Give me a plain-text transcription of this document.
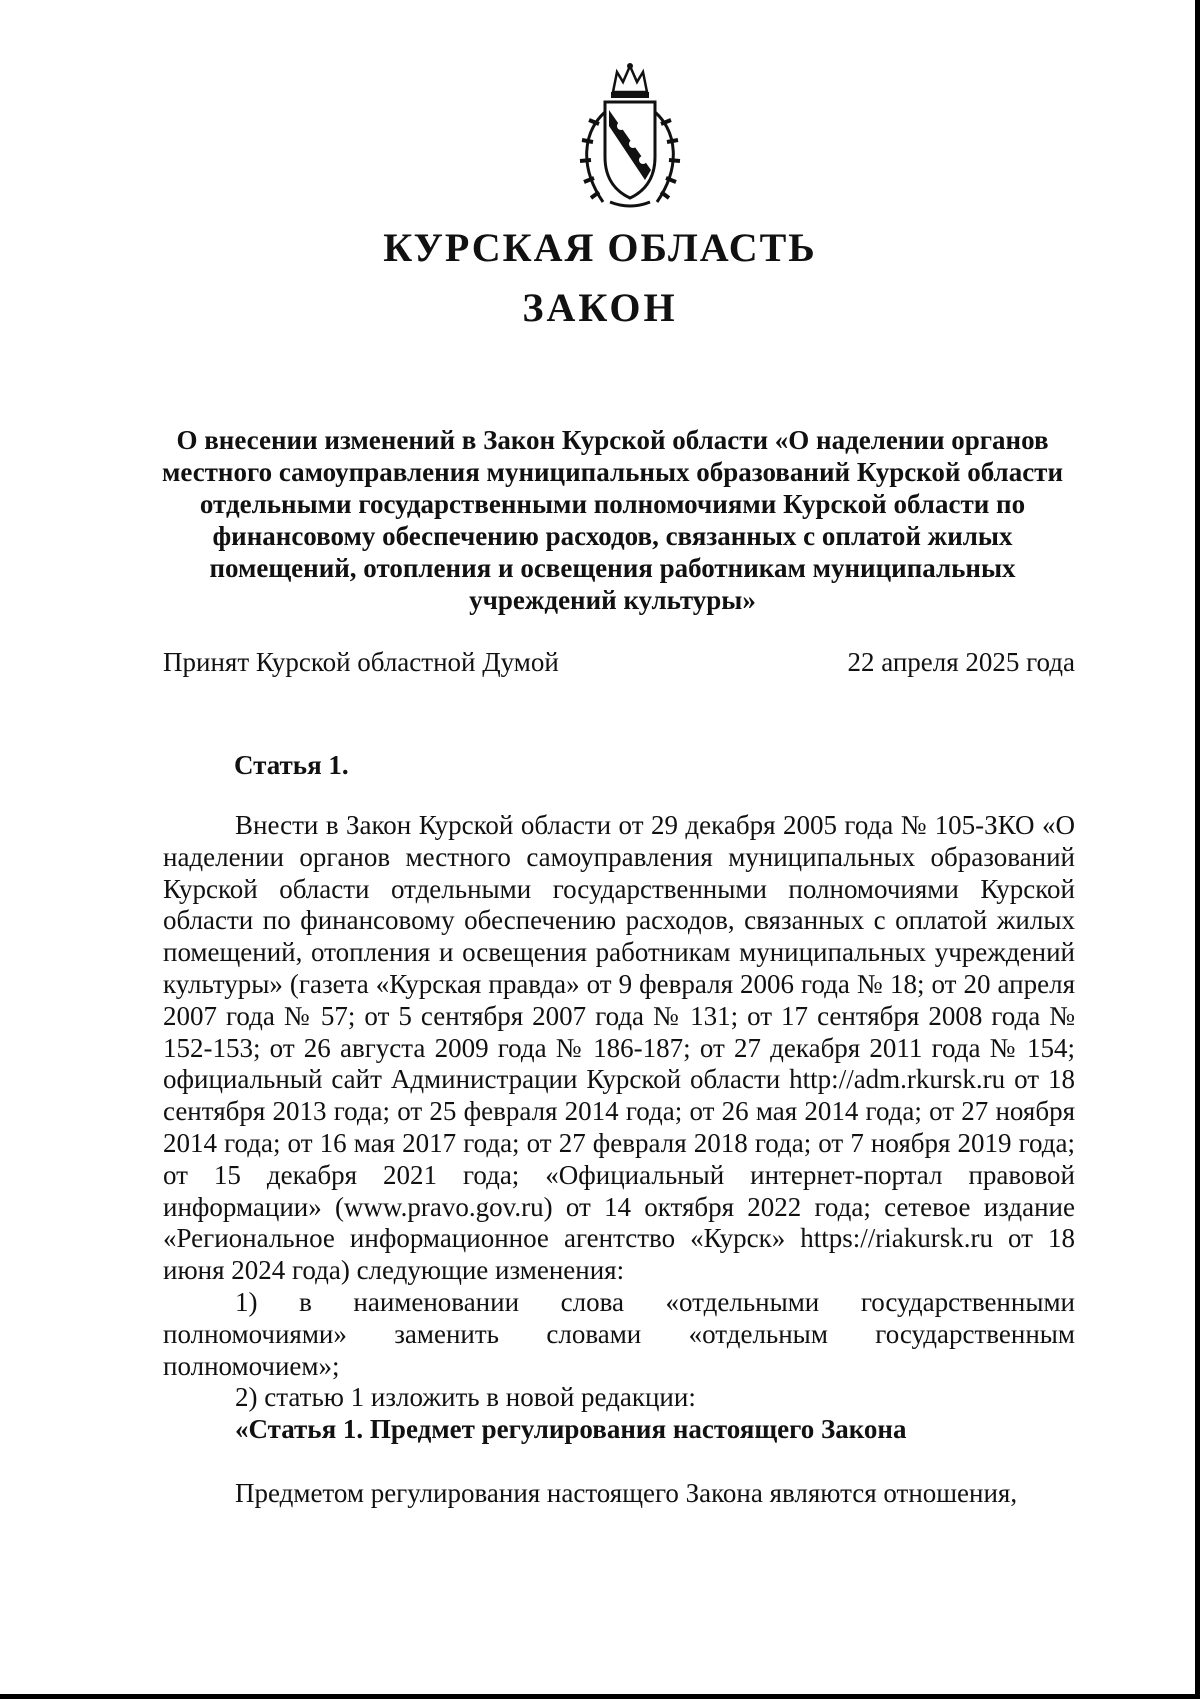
КУРСКАЯ ОБЛАСТЬ
ЗАКОН
О внесении изменений в Закон Курской области «О наделении органов местного самоуправления муниципальных образований Курской области отдельными государственными полномочиями Курской области по финансовому обеспечению расходов, связанных с оплатой жилых помещений, отопления и освещения работникам муниципальных учреждений культуры»
Принят Курской областной Думой	22 апреля 2025 года
Статья 1.

Внести в Закон Курской области от 29 декабря 2005 года № 105-ЗКО «О наделении органов местного самоуправления муниципальных образований Курской области отдельными государственными полномочиями Курской области по финансовому обеспечению расходов, связанных с оплатой жилых помещений, отопления и освещения работникам муниципальных учреждений культуры» (газета «Курская правда» от 9 февраля 2006 года № 18; от 20 апреля 2007 года № 57; от 5 сентября 2007 года № 131; от 17 сентября 2008 года № 152-153; от 26 августа 2009 года № 186-187; от 27 декабря 2011 года № 154; официальный сайт Администрации Курской области http://adm.rkursk.ru от 18 сентября 2013 года; от 25 февраля 2014 года; от 26 мая 2014 года; от 27 ноября 2014 года; от 16 мая 2017 года; от 27 февраля 2018 года; от 7 ноября 2019 года; от 15 декабря 2021 года; «Официальный интернет-портал правовой информации» (www.pravo.gov.ru) от 14 октября 2022 года; сетевое издание «Региональное информационное агентство «Курск» https://riakursk.ru от 18 июня 2024 года) следующие изменения:

1) в наименовании слова «отдельными государственными полномочиями» заменить словами «отдельным государственным полномочием»;

2) статью 1 изложить в новой редакции:

«Статья 1. Предмет регулирования настоящего Закона

Предметом регулирования настоящего Закона являются отношения,
